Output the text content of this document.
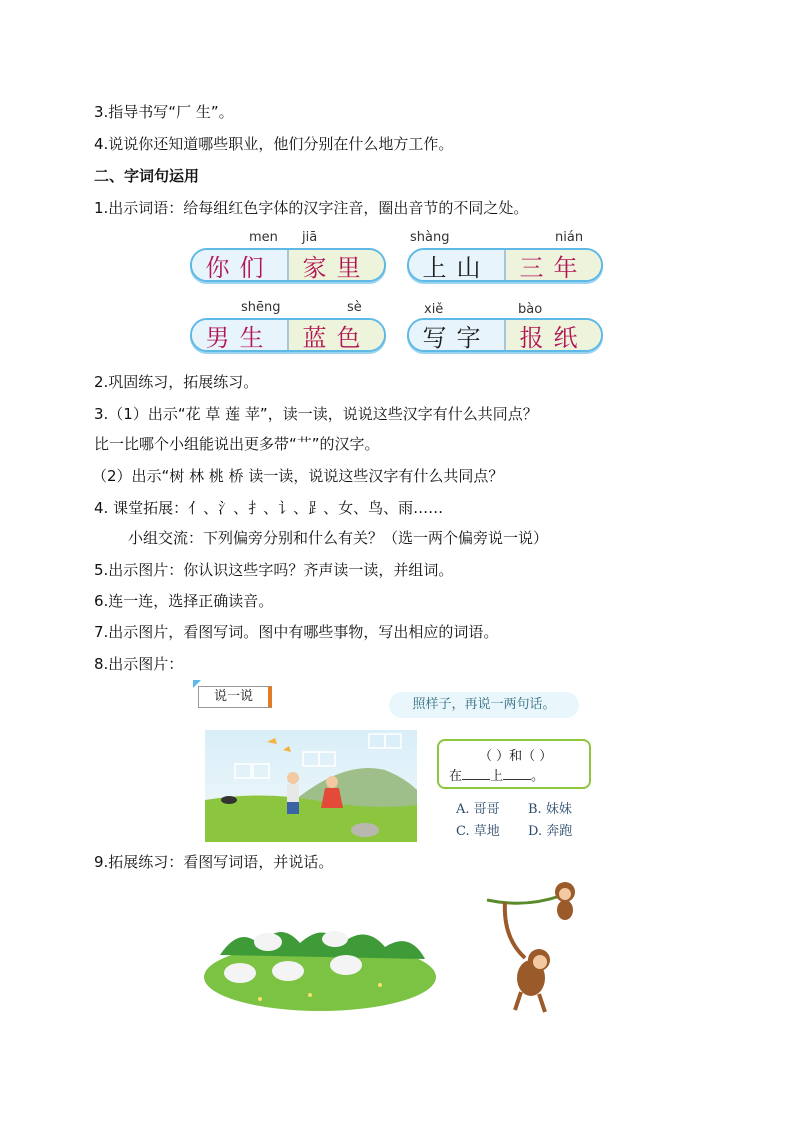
3.指导书写“厂 生”。
4.说说你还知道哪些职业，他们分别在什么地方工作。
二、字词句运用
1.出示词语：给每组红色字体的汉字注音，圈出音节的不同之处。
men jiā	shàng	nián
shēng	sè	xiě	bào
你们 家里 上山 三年
男生 蓝色 写字 报纸
2.巩固练习，拓展练习。
3.（1）出示“花 草 莲 苹”，读一读，说说这些汉字有什么共同点？
比一比哪个小组能说出更多带“艹”的汉字。
（2）出示“树 林 桃 桥 读一读，说说这些汉字有什么共同点？
4. 课堂拓展：亻、氵、扌、讠、⻊、女、鸟、雨……
小组交流：下列偏旁分别和什么有关？（选一两个偏旁说一说）
5.出示图片：你认识这些字吗？齐声读一读，并组词。
6.连一连，选择正确读音。
7.出示图片，看图写词。图中有哪些事物，写出相应的词语。
8.出示图片：
说一说
照样子，再说一两句话。
（ ）和（ ）
在 上 。
A. 哥哥 B. 妹妹
C. 草地 D. 奔跑
9.拓展练习：看图写词语，并说话。
